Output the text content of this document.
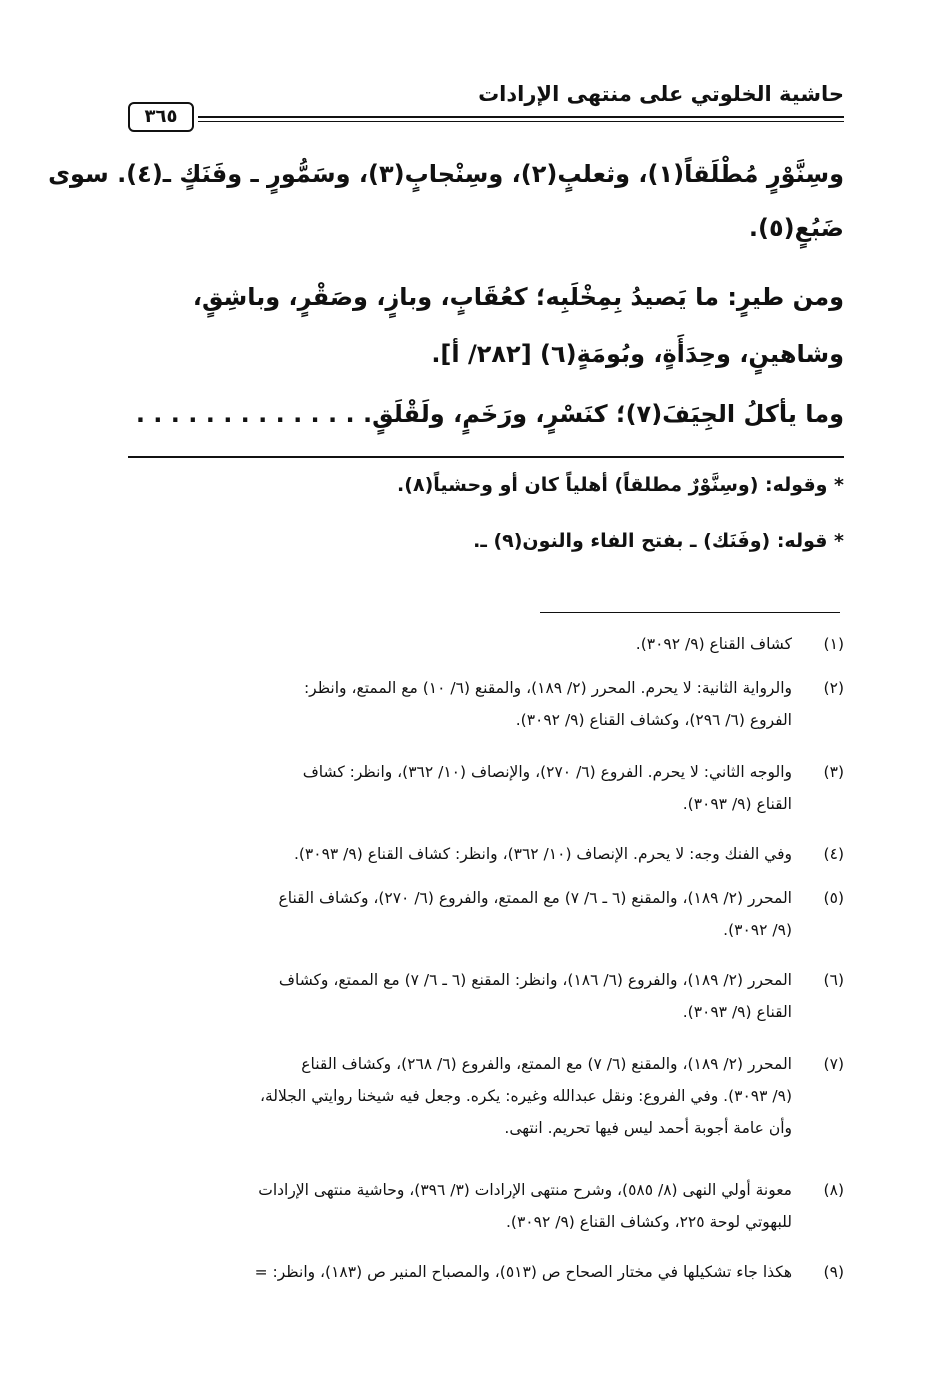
حاشية الخلوتي على منتهى الإرادات
٣٦٥
وسِنَّوْرٍ مُطْلَقاً(١)، وثعلبٍ(٢)، وسِنْجابٍ(٣)، وسَمُّورٍ ـ وفَنَكٍ ـ(٤). سوى
ضَبُعٍ(٥).
ومن طيرٍ: ما يَصيدُ بِمِخْلَبِه؛ كعُقَابٍ، وبازٍ، وصَقْرٍ، وباشِقٍ،
وشاهينٍ، وحِدَأَةٍ، وبُومَةٍ(٦) [٢٨٢/ أ].
وما يأكلُ الجِيَفَ(٧)؛ كنَسْرٍ، ورَخَمٍ، ولَقْلَقٍ. . . . . . . . . . . . . .
* وقوله: (وسِنَّوْرٌ مطلقاً) أهلياً كان أو وحشياً(٨).
* قوله: (وفَنَك) ـ بفتح الفاء والنون(٩) ـ.
(١)
كشاف القناع (٩/ ٣٠٩٢).
(٢)
والرواية الثانية: لا يحرم. المحرر (٢/ ١٨٩)، والمقنع (٦/ ١٠) مع الممتع، وانظر:
الفروع (٦/ ٢٩٦)، وكشاف القناع (٩/ ٣٠٩٢).
(٣)
والوجه الثاني: لا يحرم. الفروع (٦/ ٢٧٠)، والإنصاف (١٠/ ٣٦٢)، وانظر: كشاف
القناع (٩/ ٣٠٩٣).
(٤)
وفي الفنك وجه: لا يحرم. الإنصاف (١٠/ ٣٦٢)، وانظر: كشاف القناع (٩/ ٣٠٩٣).
(٥)
المحرر (٢/ ١٨٩)، والمقنع (٦ ـ ٦/ ٧) مع الممتع، والفروع (٦/ ٢٧٠)، وكشاف القناع
(٩/ ٣٠٩٢).
(٦)
المحرر (٢/ ١٨٩)، والفروع (٦/ ١٨٦)، وانظر: المقنع (٦ ـ ٦/ ٧) مع الممتع، وكشاف
القناع (٩/ ٣٠٩٣).
(٧)
المحرر (٢/ ١٨٩)، والمقنع (٦/ ٧) مع الممتع، والفروع (٦/ ٢٦٨)، وكشاف القناع
(٩/ ٣٠٩٣). وفي الفروع: ونقل عبدالله وغيره: يكره. وجعل فيه شيخنا روايتي الجلالة،
وأن عامة أجوبة أحمد ليس فيها تحريم. انتهى.
(٨)
معونة أولي النهى (٨/ ٥٨٥)، وشرح منتهى الإرادات (٣/ ٣٩٦)، وحاشية منتهى الإرادات
للبهوتي لوحة ٢٢٥، وكشاف القناع (٩/ ٣٠٩٢).
(٩)
هكذا جاء تشكيلها في مختار الصحاح ص (٥١٣)، والمصباح المنير ص (١٨٣)، وانظر: =
